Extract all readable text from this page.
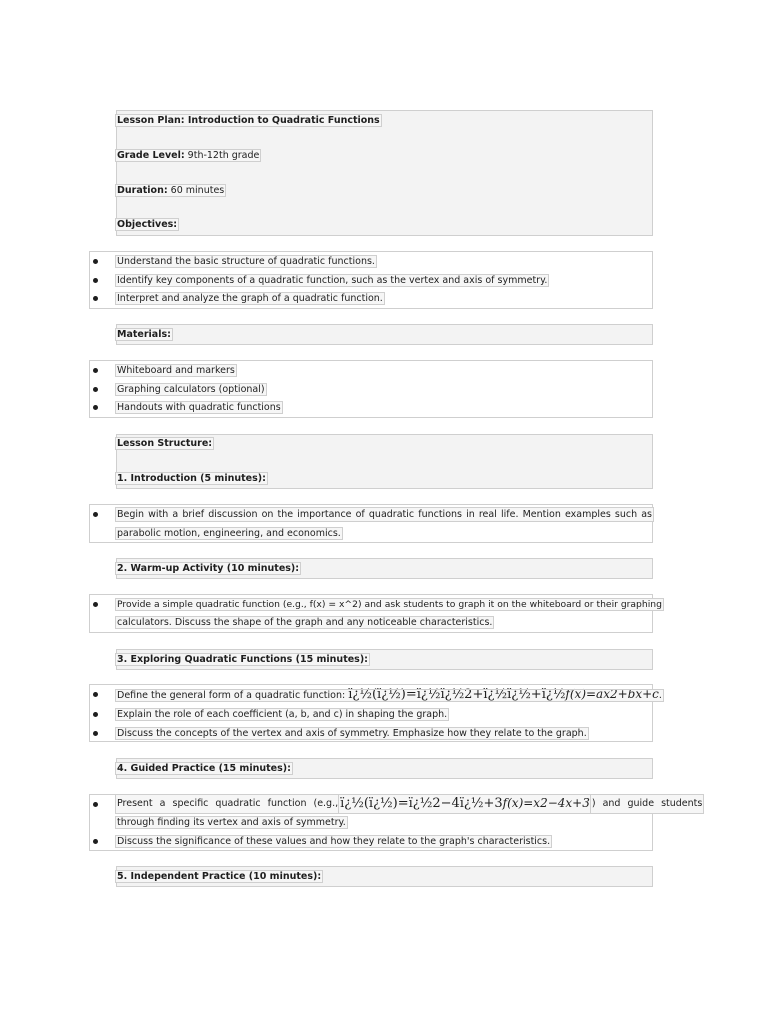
Lesson Plan: Introduction to Quadratic Functions
Grade Level: 9th-12th grade
Duration: 60 minutes
Objectives:
Understand the basic structure of quadratic functions.
Identify key components of a quadratic function, such as the vertex and axis of symmetry.
Interpret and analyze the graph of a quadratic function.
Materials:
Whiteboard and markers
Graphing calculators (optional)
Handouts with quadratic functions
Lesson Structure:
1. Introduction (5 minutes):
Begin with a brief discussion on the importance of quadratic functions in real life. Mention examples such as
parabolic motion, engineering, and economics.
2. Warm-up Activity (10 minutes):
Provide a simple quadratic function (e.g., f(x) = x^2) and ask students to graph it on the whiteboard or their graphing
calculators. Discuss the shape of the graph and any noticeable characteristics.
3. Exploring Quadratic Functions (15 minutes):
Define the general form of a quadratic function: ï¿½(ï¿½)=ï¿½ï¿½2+ï¿½ï¿½+ï¿½f(x)=ax2+bx+c.
Explain the role of each coefficient (a, b, and c) in shaping the graph.
Discuss the concepts of the vertex and axis of symmetry. Emphasize how they relate to the graph.
4. Guided Practice (15 minutes):
Present a specific quadratic function (e.g., ï¿½(ï¿½)=ï¿½2−4ï¿½+3f(x)=x2−4x+3 ) and guide students
through finding its vertex and axis of symmetry.
Discuss the significance of these values and how they relate to the graph's characteristics.
5. Independent Practice (10 minutes):
